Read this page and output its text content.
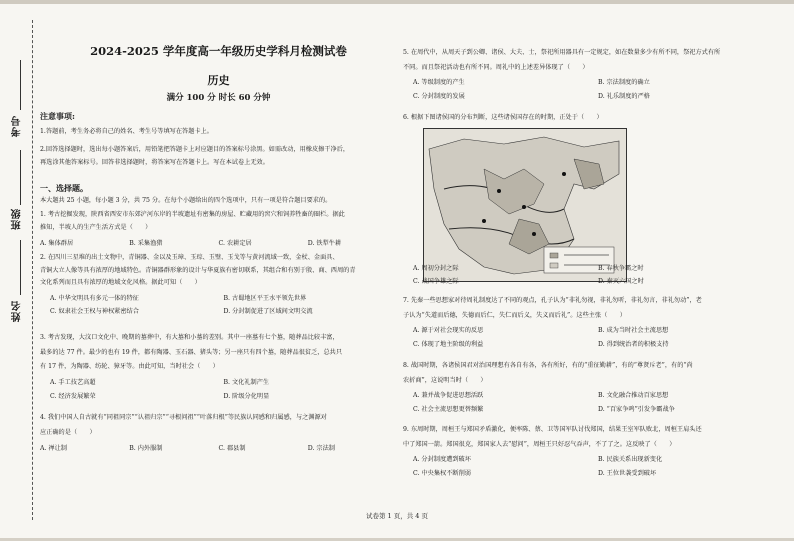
考号
班级
姓名
2024-2025 学年度高一年级历史学科月检测试卷
历史
满分 100 分 时长 60 分钟
注意事项:
1.答题前，考生务必将自己的姓名、考生号等填写在答题卡上。
2.回答选择题时，选出每小题答案后，用铅笔把答题卡上对应题目的答案标号涂黑。如需改动，用橡皮擦干净后，
再选涂其他答案标号。回答非选择题时，将答案写在答题卡上。写在本试卷上无效。
一、选择题。
本大题共 25 小题，每小题 3 分，共 75 分。在每个小题给出的四个选项中，只有一项是符合题目要求的。
1. 考古挖掘发现，陕西省西安市东郊浐河东岸的半坡遗址有密集的房屋、贮藏用的窖穴和饲养牲畜的圈栏。据此
推知，半坡人的生产生活方式是（　　）
A. 集体群居	B. 采集渔猎	C. 农耕定居	D. 铁犁牛耕
2. 在四川三星堆的出土文物中，青铜器、金以及玉璋、玉琮、玉璧、玉戈等与黄河流域一致，金杖、金面具、
青铜大立人像等具有浓厚的地域特色。青铜器群形象的设计与华夏族有密切联系，其组合和有别于殷、商、西周的青
文化系列而且具有浓厚的地域文化风格。据此可知（　　）
A. 中华文明具有多元一体的特征	B. 古蜀地区平王水平领先世界
C. 奴隶社会王权与神权紧密结合	D. 分封制促进了区域间文明交流
3. 考古发现，大汶口文化中、晚期的墓葬中，有大墓和小墓的差别。其中一座墓有七个墓，随葬品比较丰富，
最多的达 77 件。最少的也有 19 件，都有陶器、玉石器、猪头等；另一座只有四个墓，随葬品很贫乏，总共只
有 17 件，为陶器、纺轮、獐牙等。由此可知，当时社会（　　）
A. 手工技艺高超	B. 文化礼制产生
C. 经济发展繁荣	D. 阶级分化明显
4. 我们中国人自古就有“同祖同宗”“认祖归宗”“寻根问祖”“叶落归根”等民族认同感和归属感，与之渊源对
应正确的是（　　）
A. 禅让制	B. 内外服制	C. 郡县制	D. 宗法制
5. 在周代中，从周天子到公卿、诸侯、大夫、士，祭祀所用器具有一定规定，如在数量多少有所不同，祭祀方式有所
不同。而且祭祀活动也有所不同。周礼中的上述差异体现了（　　）
A. 等级制度的产生	B. 宗法制度的确立
C. 分封制度的发展	D. 礼乐制度的严格
6. 根据下图诸侯国的分布判断，这些诸侯国存在的时期，正处于（　　）
A. 周初分封之际	B. 春秋争霸之时
C. 战国争雄之际	D. 秦灭六国之时
7. 先秦一些思想家对待周礼制度达了不同的观点，孔子认为“非礼勿视，非礼勿听，非礼勿言，非礼勿动”，老
子认为“失道而后德，失德而后仁，失仁而后义，失义而后礼”。这些主张（　　）
A. 源于对社会现实的反思	B. 成为当时社会主流思想
C. 体现了地主阶级的利益	D. 得到统治者的积极支持
8. 战国时期，各诸侯国君对治国理想有各自有各，各有所好，有的“重征勤耕”，有的“尊贤斥老”，有的“尚
农折商”，这说明当时（　　）
A. 兼并战争促进思想活跃	B. 文化融合推动百家思想
C. 社会主流思想更替频繁	D. “百家争鸣”引发争霸战争
9. 东周时期，周桓王与郑国矛盾激化，便率陈、蔡、卫等国军队讨伐郑国，结果王室军队败北，周桓王肩头还
中了郑国一箭。郑国很克，郑国家人去“慰问”，周桓王只好忍气吞声，不了了之。这反映了（　　）
A. 分封制度遭到破坏	B. 民族关系出现新变化
C. 中央集权不断削弱	D. 王位世袭受到破坏
试卷第 1 页，共 4 页
